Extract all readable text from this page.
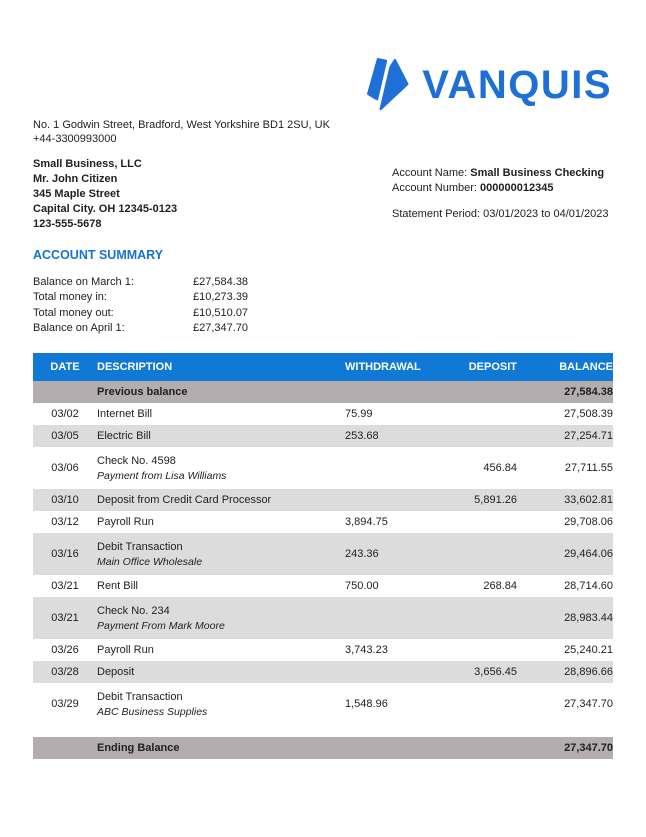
VANQUIS
No. 1 Godwin Street, Bradford, West Yorkshire BD1 2SU, UK
+44-3300993000
Small Business, LLC
Mr. John Citizen
345 Maple Street
Capital City. OH 12345-0123
123-555-5678
Account Name: Small Business Checking
Account Number: 000000012345
Statement Period: 03/01/2023 to 04/01/2023
ACCOUNT SUMMARY
Balance on March 1:	£27,584.38
Total money in:	£10,273.39
Total money out:	£10,510.07
Balance on April 1:	£27,347.70
DATE	DESCRIPTION	WITHDRAWAL	DEPOSIT	BALANCE
	Previous balance			27,584.38
03/02	Internet Bill	75.99		27,508.39
03/05	Electric Bill	253.68		27,254.71
03/06	Check No. 4598
Payment from Lisa Williams		456.84	27,711.55
03/10	Deposit from Credit Card Processor		5,891.26	33,602.81
03/12	Payroll Run	3,894.75		29,708.06
03/16	Debit Transaction
Main Office Wholesale	243.36		29,464.06
03/21	Rent Bill	750.00	268.84	28,714.60
03/21	Check No. 234
Payment From Mark Moore			28,983.44
03/26	Payroll Run	3,743.23		25,240.21
03/28	Deposit		3,656.45	28,896.66
03/29	Debit Transaction
ABC Business Supplies	1,548.96		27,347.70

	Ending Balance			27,347.70
